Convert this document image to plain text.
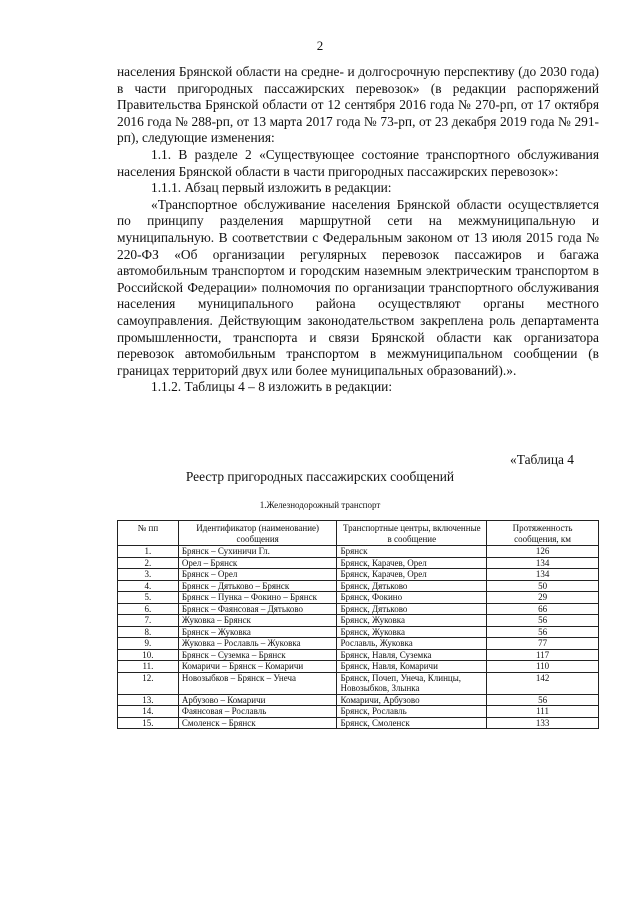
2

населения Брянской области на средне- и долгосрочную перспективу (до 2030 года) в части пригородных пассажирских перевозок» (в редакции распоряжений Правительства Брянской области от 12 сентября 2016 года № 270-рп, от 17 октября 2016 года № 288-рп, от 13 марта 2017 года № 73-рп, от 23 декабря 2019 года № 291-рп), следующие изменения:

1.1. В разделе 2 «Существующее состояние транспортного обслуживания населения Брянской области в части пригородных пассажирских перевозок»:

1.1.1. Абзац первый изложить в редакции:

«Транспортное обслуживание населения Брянской области осуществляется по принципу разделения маршрутной сети на межмуниципальную и муниципальную. В соответствии с Федеральным законом от 13 июля 2015 года № 220-ФЗ «Об организации регулярных перевозок пассажиров и багажа автомобильным транспортом и городским наземным электрическим транспортом в Российской Федерации» полномочия по организации транспортного обслуживания населения муниципального района осуществляют органы местного самоуправления. Действующим законодательством закреплена роль департамента промышленности, транспорта и связи Брянской области как организатора перевозок автомобильным транспортом в межмуниципальном сообщении (в границах территорий двух или более муниципальных образований).».

1.1.2. Таблицы 4 – 8 изложить в редакции:

«Таблица 4
Реестр пригородных пассажирских сообщений
1.Железнодорожный транспорт
№ пп	Идентификатор (наименование) сообщения	Транспортные центры, включенные в сообщение	Протяженность сообщения, км
1.	Брянск – Сухиничи Гл.	Брянск	126
2.	Орел – Брянск	Брянск, Карачев, Орел	134
3.	Брянск – Орел	Брянск, Карачев, Орел	134
4.	Брянск – Дятьково – Брянск	Брянск, Дятьково	50
5.	Брянск – Пунка – Фокино – Брянск	Брянск, Фокино	29
6.	Брянск – Фаянсовая – Дятьково	Брянск, Дятьково	66
7.	Жуковка – Брянск	Брянск, Жуковка	56
8.	Брянск – Жуковка	Брянск, Жуковка	56
9.	Жуковка – Рославль – Жуковка	Рославль, Жуковка	77
10.	Брянск – Суземка – Брянск	Брянск, Навля, Суземка	117
11.	Комаричи – Брянск – Комаричи	Брянск, Навля, Комаричи	110
12.	Новозыбков – Брянск – Унеча	Брянск, Почеп, Унеча, Клинцы, Новозыбков, Злынка	142
13.	Арбузово – Комаричи	Комаричи, Арбузово	56
14.	Фаянсовая – Рославль	Брянск, Рославль	111
15.	Смоленск – Брянск	Брянск, Смоленск	133
